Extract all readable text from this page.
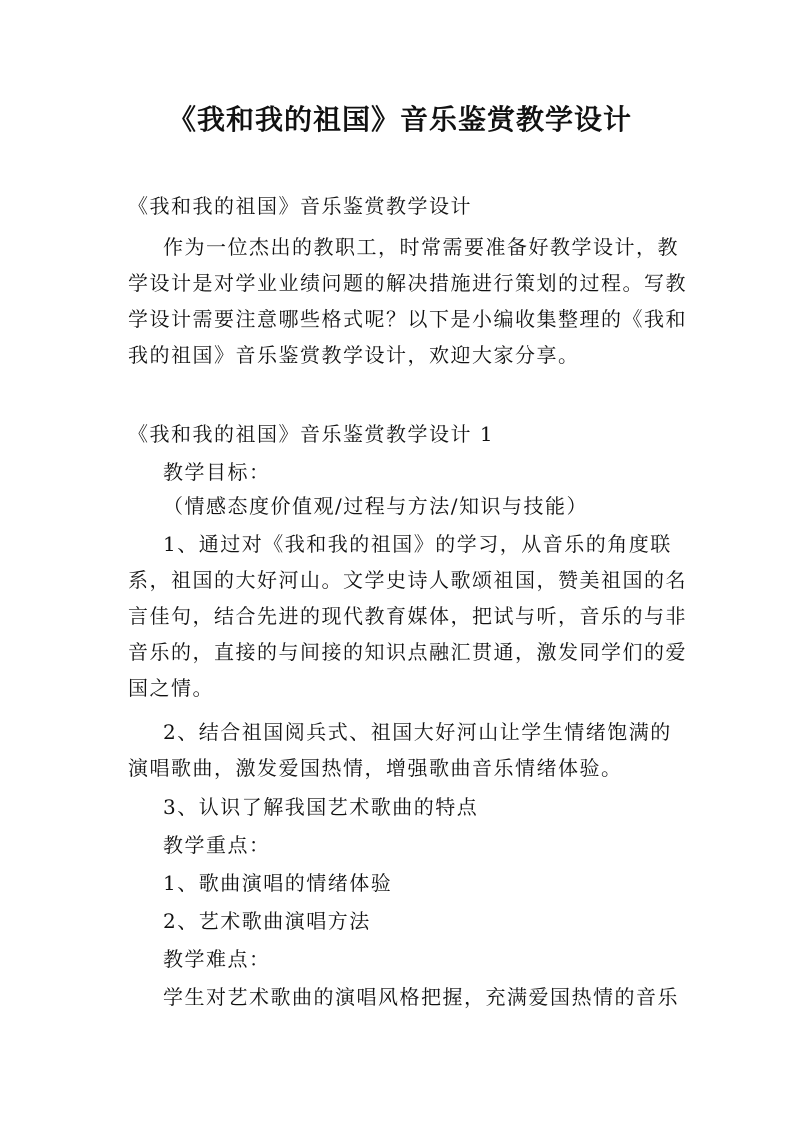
《我和我的祖国》音乐鉴赏教学设计

《我和我的祖国》音乐鉴赏教学设计

作为一位杰出的教职工，时常需要准备好教学设计，教

学设计是对学业业绩问题的解决措施进行策划的过程。写教

学设计需要注意哪些格式呢？以下是小编收集整理的《我和

我的祖国》音乐鉴赏教学设计，欢迎大家分享。

《我和我的祖国》音乐鉴赏教学设计 1

教学目标：

（情感态度价值观/过程与方法/知识与技能）

1、通过对《我和我的祖国》的学习，从音乐的角度联

系，祖国的大好河山。文学史诗人歌颂祖国，赞美祖国的名

言佳句，结合先进的现代教育媒体，把试与听，音乐的与非

音乐的，直接的与间接的知识点融汇贯通，激发同学们的爱

国之情。

2、结合祖国阅兵式、祖国大好河山让学生情绪饱满的

演唱歌曲，激发爱国热情，增强歌曲音乐情绪体验。

3、认识了解我国艺术歌曲的特点

教学重点：

1、歌曲演唱的情绪体验

2、艺术歌曲演唱方法

教学难点：

学生对艺术歌曲的演唱风格把握，充满爱国热情的音乐
